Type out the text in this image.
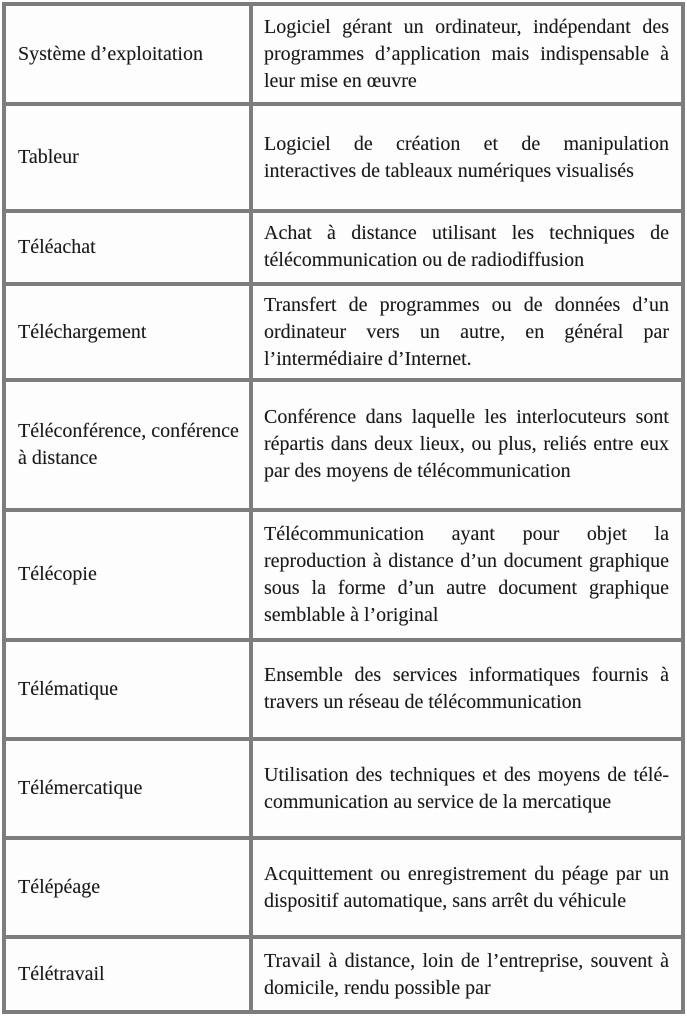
Système d’exploitation	Logiciel gérant un ordinateur, indépendant des programmes d’application mais indispensable à leur mise en œuvre
Tableur	Logiciel de création et de manipulation interactives de tableaux numériques visualisés
Téléachat	Achat à distance utilisant les techniques de télécommunication ou de radiodiffusion
Téléchargement	Transfert de programmes ou de données d’un ordinateur vers un autre, en général par l’intermédiaire d’Internet.
Téléconférence, conférence à distance	Conférence dans laquelle les interlocuteurs sont répartis dans deux lieux, ou plus, reliés entre eux par des moyens de télécommunication
Télécopie	Télécommunication ayant pour objet la reproduction à distance d’un document graphique sous la forme d’un autre document graphique semblable à l’original
Télématique	Ensemble des services informatiques fournis à travers un réseau de télécommunication
Télémercatique	Utilisation des techniques et des moyens de télé-communication au service de la mercatique
Télépéage	Acquittement ou enregistrement du péage par un dispositif automatique, sans arrêt du véhicule
Télétravail	Travail à distance, loin de l’entreprise, souvent à domicile, rendu possible par
